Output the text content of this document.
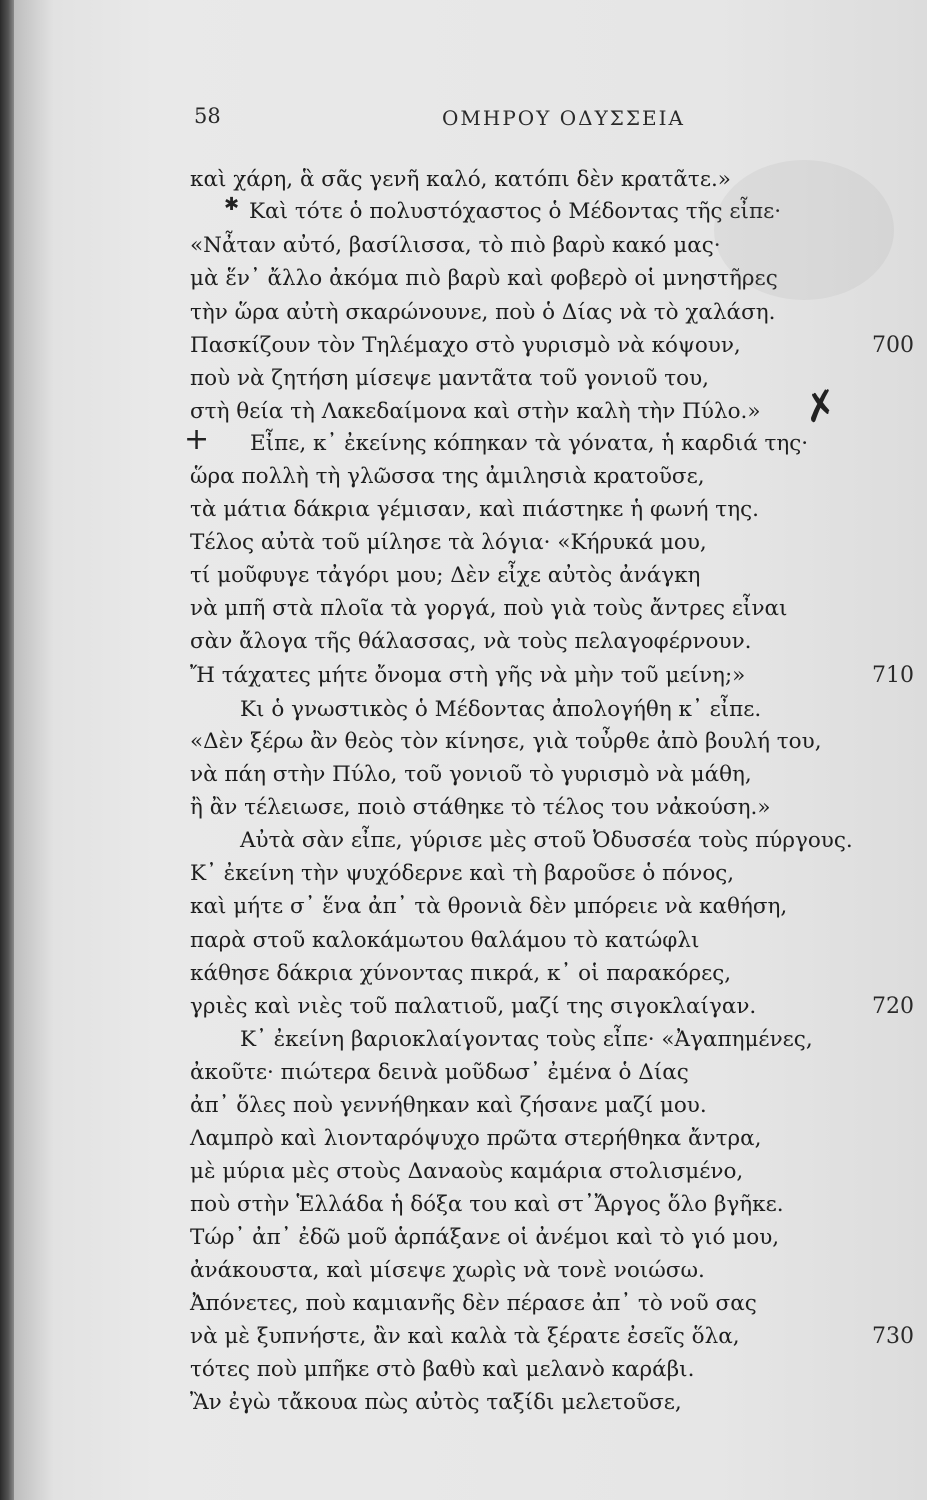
58	ΟΜΗΡΟΥ ΟΔΥΣΣΕΙΑ
καὶ χάρη, ἃ σᾶς γενῆ καλό, κατόπι δὲν κρατᾶτε.»
Καὶ τότε ὁ πολυστόχαστος ὁ Μέδοντας τῆς εἶπε·
«Νἆταν αὐτό, βασίλισσα, τὸ πιὸ βαρὺ κακό μας·
μὰ ἕν᾽ ἄλλο ἀκόμα πιὸ βαρὺ καὶ φοβερὸ οἱ μνηστῆρες
τὴν ὥρα αὐτὴ σκαρώνουνε, ποὺ ὁ Δίας νὰ τὸ χαλάση.
Πασκίζουν τὸν Τηλέμαχο στὸ γυρισμὸ νὰ κόψουν,	700
ποὺ νὰ ζητήση μίσεψε μαντᾶτα τοῦ γονιοῦ του,
στὴ θεία τὴ Λακεδαίμονα καὶ στὴν καλὴ τὴν Πύλο.»
Εἶπε, κ᾽ ἐκείνης κόπηκαν τὰ γόνατα, ἡ καρδιά της·
ὥρα πολλὴ τὴ γλῶσσα της ἀμιλησιὰ κρατοῦσε,
τὰ μάτια δάκρια γέμισαν, καὶ πιάστηκε ἡ φωνή της.
Τέλος αὐτὰ τοῦ μίλησε τὰ λόγια· «Κήρυκά μου,
τί μοῦφυγε τἀγόρι μου; Δὲν εἶχε αὐτὸς ἀνάγκη
νὰ μπῆ στὰ πλοῖα τὰ γοργά, ποὺ γιὰ τοὺς ἄντρες εἶναι
σὰν ἄλογα τῆς θάλασσας, νὰ τοὺς πελαγοφέρνουν.
Ἤ τάχατες μήτε ὄνομα στὴ γῆς νὰ μὴν τοῦ μείνη;»	710
Κι ὁ γνωστικὸς ὁ Μέδοντας ἀπολογήθη κ᾽ εἶπε.
«Δὲν ξέρω ἂν θεὸς τὸν κίνησε, γιὰ τοὖρθε ἀπὸ βουλή του,
νὰ πάη στὴν Πύλο, τοῦ γονιοῦ τὸ γυρισμὸ νὰ μάθη,
ἢ ἂν τέλειωσε, ποιὸ στάθηκε τὸ τέλος του νἀκούση.»
Αὐτὰ σὰν εἶπε, γύρισε μὲς στοῦ Ὀδυσσέα τοὺς πύργους.
Κ᾽ ἐκείνη τὴν ψυχόδερνε καὶ τὴ βαροῦσε ὁ πόνος,
καὶ μήτε σ᾽ ἕνα ἀπ᾽ τὰ θρονιὰ δὲν μπόρειε νὰ καθήση,
παρὰ στοῦ καλοκάμωτου θαλάμου τὸ κατώφλι
κάθησε δάκρια χύνοντας πικρά, κ᾽ οἱ παρακόρες,
γριὲς καὶ νιὲς τοῦ παλατιοῦ, μαζί της σιγοκλαίγαν.	720
Κ᾽ ἐκείνη βαριοκλαίγοντας τοὺς εἶπε· «Ἀγαπημένες,
ἀκοῦτε· πιώτερα δεινὰ μοῦδωσ᾽ ἐμένα ὁ Δίας
ἀπ᾽ ὅλες ποὺ γεννήθηκαν καὶ ζήσανε μαζί μου.
Λαμπρὸ καὶ λιονταρόψυχο πρῶτα στερήθηκα ἄντρα,
μὲ μύρια μὲς στοὺς Δαναοὺς καμάρια στολισμένο,
ποὺ στὴν Ἑλλάδα ἡ δόξα του καὶ στ᾽Ἄργος ὅλο βγῆκε.
Τώρ᾽ ἀπ᾽ ἐδῶ μοῦ ἁρπάξανε οἱ ἀνέμοι καὶ τὸ γιό μου,
ἀνάκουστα, καὶ μίσεψε χωρὶς νὰ τονὲ νοιώσω.
Ἀπόνετες, ποὺ καμιανῆς δὲν πέρασε ἀπ᾽ τὸ νοῦ σας
νὰ μὲ ξυπνήστε, ἂν καὶ καλὰ τὰ ξέρατε ἐσεῖς ὅλα,	730
τότες ποὺ μπῆκε στὸ βαθὺ καὶ μελανὸ καράβι.
Ἂν ἐγὼ τἄκουα πὼς αὐτὸς ταξίδι μελετοῦσε,
✱
✗
+
